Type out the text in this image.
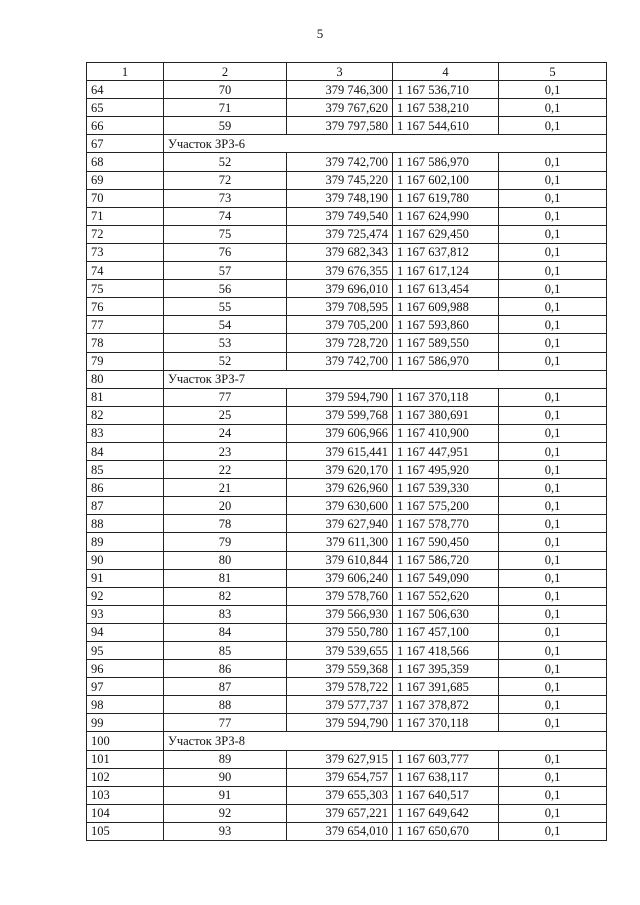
5
1	2	3	4	5
64	70	379 746,300	1 167 536,710	0,1
65	71	379 767,620	1 167 538,210	0,1
66	59	379 797,580	1 167 544,610	0,1
67	Участок ЗРЗ-6			
68	52	379 742,700	1 167 586,970	0,1
69	72	379 745,220	1 167 602,100	0,1
70	73	379 748,190	1 167 619,780	0,1
71	74	379 749,540	1 167 624,990	0,1
72	75	379 725,474	1 167 629,450	0,1
73	76	379 682,343	1 167 637,812	0,1
74	57	379 676,355	1 167 617,124	0,1
75	56	379 696,010	1 167 613,454	0,1
76	55	379 708,595	1 167 609,988	0,1
77	54	379 705,200	1 167 593,860	0,1
78	53	379 728,720	1 167 589,550	0,1
79	52	379 742,700	1 167 586,970	0,1
80	Участок ЗРЗ-7			
81	77	379 594,790	1 167 370,118	0,1
82	25	379 599,768	1 167 380,691	0,1
83	24	379 606,966	1 167 410,900	0,1
84	23	379 615,441	1 167 447,951	0,1
85	22	379 620,170	1 167 495,920	0,1
86	21	379 626,960	1 167 539,330	0,1
87	20	379 630,600	1 167 575,200	0,1
88	78	379 627,940	1 167 578,770	0,1
89	79	379 611,300	1 167 590,450	0,1
90	80	379 610,844	1 167 586,720	0,1
91	81	379 606,240	1 167 549,090	0,1
92	82	379 578,760	1 167 552,620	0,1
93	83	379 566,930	1 167 506,630	0,1
94	84	379 550,780	1 167 457,100	0,1
95	85	379 539,655	1 167 418,566	0,1
96	86	379 559,368	1 167 395,359	0,1
97	87	379 578,722	1 167 391,685	0,1
98	88	379 577,737	1 167 378,872	0,1
99	77	379 594,790	1 167 370,118	0,1
100	Участок ЗРЗ-8			
101	89	379 627,915	1 167 603,777	0,1
102	90	379 654,757	1 167 638,117	0,1
103	91	379 655,303	1 167 640,517	0,1
104	92	379 657,221	1 167 649,642	0,1
105	93	379 654,010	1 167 650,670	0,1
